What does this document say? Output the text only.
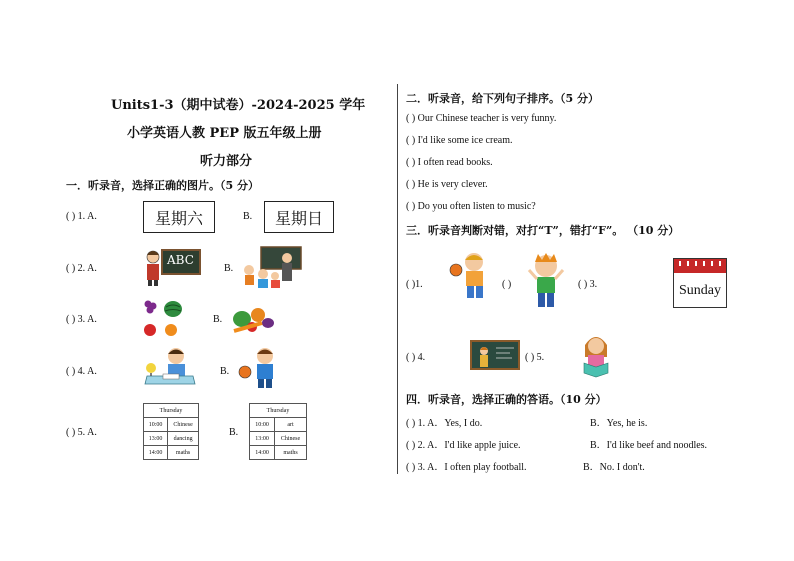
Units1-3（期中试卷）-2024-2025 学年
小学英语人教 PEP 版五年级上册
听力部分
一．听录音，选择正确的图片。（5 分）
( ) 1. A.	星期六	B.	星期日
( ) 2. A.
ABC
B.
( ) 3. A.	B.
( ) 4. A.	B.
( ) 5. A.
Thursday	
10:00	Chinese
13:00	dancing
14:00	maths
B.
Thursday	
10:00	art
13:00	Chinese
14:00	maths
二．听录音，给下列句子排序。（5 分）
( ) Our Chinese teacher is very funny.
( ) I'd like some ice cream.
( ) I often read books.
( ) He is very clever.
( ) Do you often listen to music?
三．听录音判断对错，对打“T”，错打“F”。 （10 分）
( )1.	( )	( ) 3.	Sunday
( ) 4.	( ) 5.
四．听录音，选择正确的答语。（10 分）
( ) 1. A．Yes, I do.	B．Yes, he is.
( ) 2. A．I'd like apple juice.	B．I'd like beef and noodles.
( ) 3. A．I often play football.	B．No. I don't.
